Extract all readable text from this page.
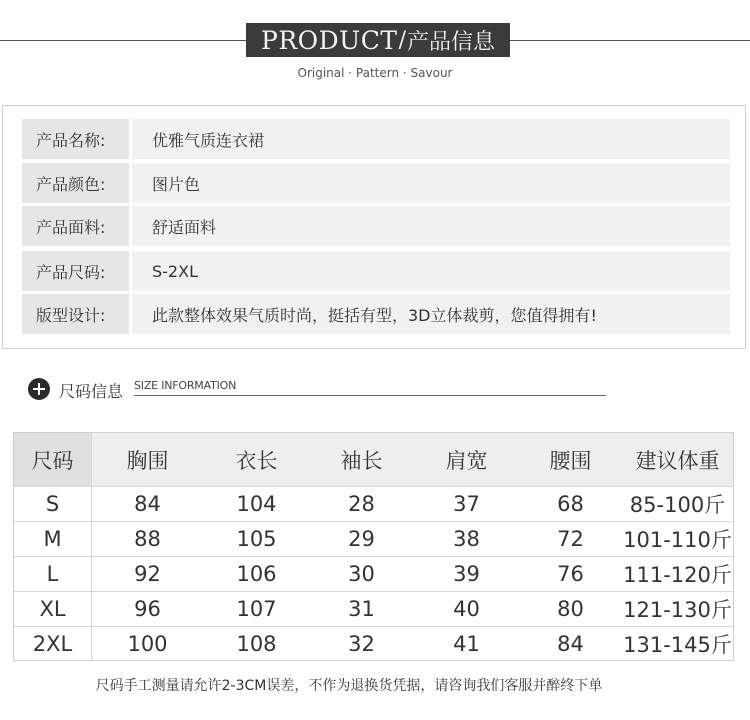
PRODUCT / 产品信息
Original · Pattern · Savour
产品名称:	优雅气质连衣裙
产品颜色:	图片色
产品面料:	舒适面料
产品尺码:	S-2XL
版型设计:	此款整体效果气质时尚，挺括有型，3D立体裁剪，您值得拥有!
尺码信息 SIZE INFORMATION
尺码	胸围	衣长	袖长	肩宽	腰围	建议体重
S	84	104	28	37	68	85-100斤
M	88	105	29	38	72	101-110斤
L	92	106	30	39	76	111-120斤
XL	96	107	31	40	80	121-130斤
2XL	100	108	32	41	84	131-145斤
尺码手工测量请允许2-3CM误差，不作为退换货凭据，请咨询我们客服并醉终下单
